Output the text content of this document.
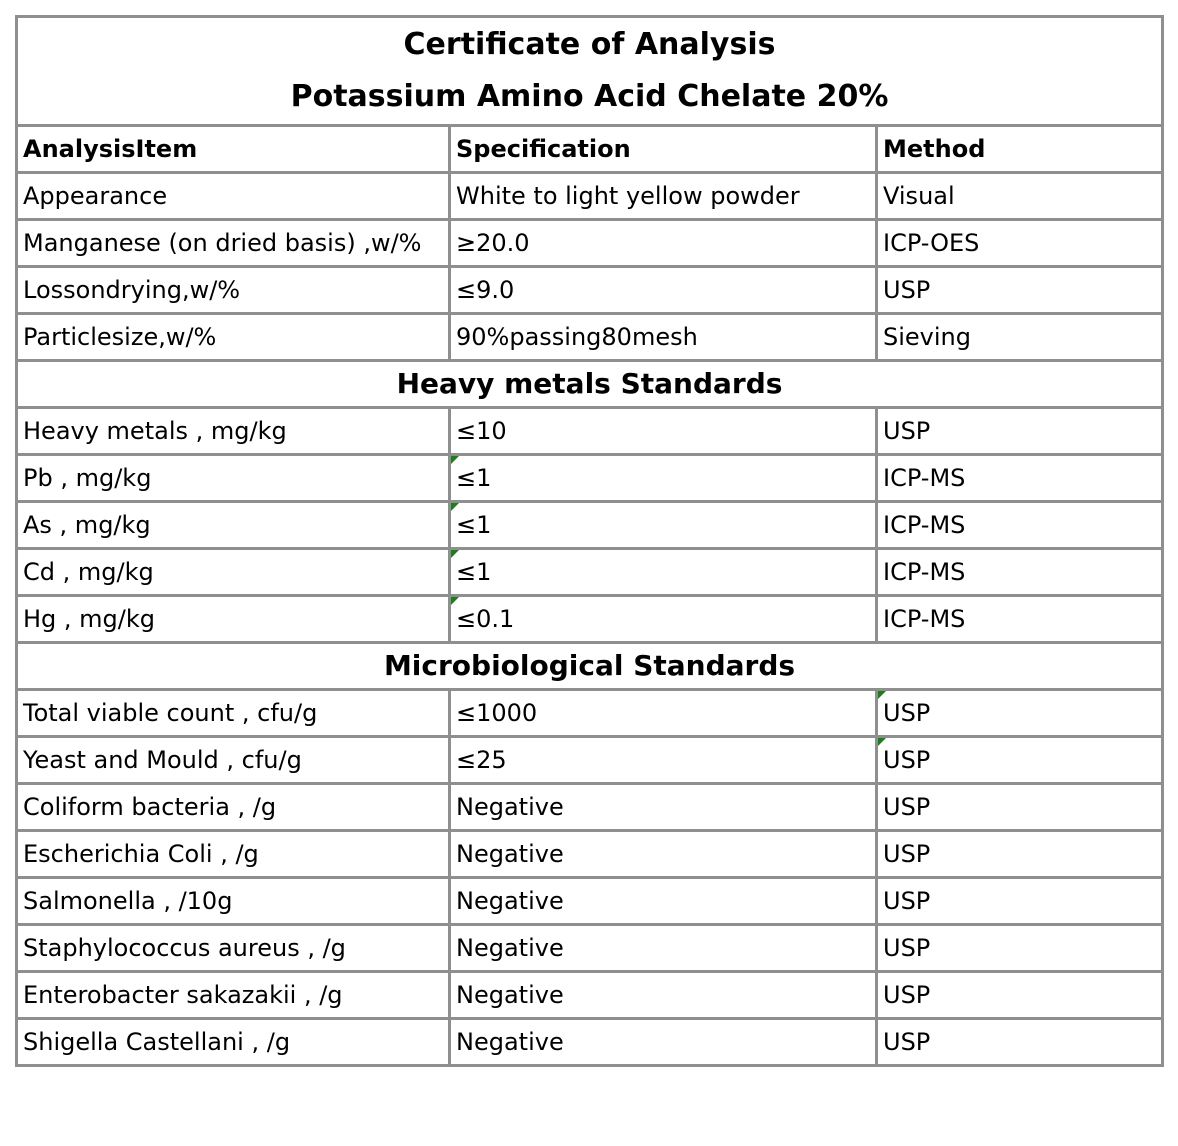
Certificate of Analysis
Potassium Amino Acid Chelate 20%		

AnalysisItem	Specification	Method
Appearance	White to light yellow powder	Visual
Manganese (on dried basis) ,w/%	≥20.0	ICP-OES
Lossondrying,w/%	≤9.0	USP
Particlesize,w/%	90%passing80mesh	Sieving
Heavy metals Standards		
Heavy metals , mg/kg	≤10	USP
Pb , mg/kg	≤1	ICP-MS
As , mg/kg	≤1	ICP-MS
Cd , mg/kg	≤1	ICP-MS
Hg , mg/kg	≤0.1	ICP-MS
Microbiological Standards		
Total viable count , cfu/g	≤1000	USP
Yeast and Mould , cfu/g	≤25	USP
Coliform bacteria , /g	Negative	USP
Escherichia Coli , /g	Negative	USP
Salmonella , /10g	Negative	USP
Staphylococcus aureus , /g	Negative	USP
Enterobacter sakazakii , /g	Negative	USP
Shigella Castellani , /g	Negative	USP
